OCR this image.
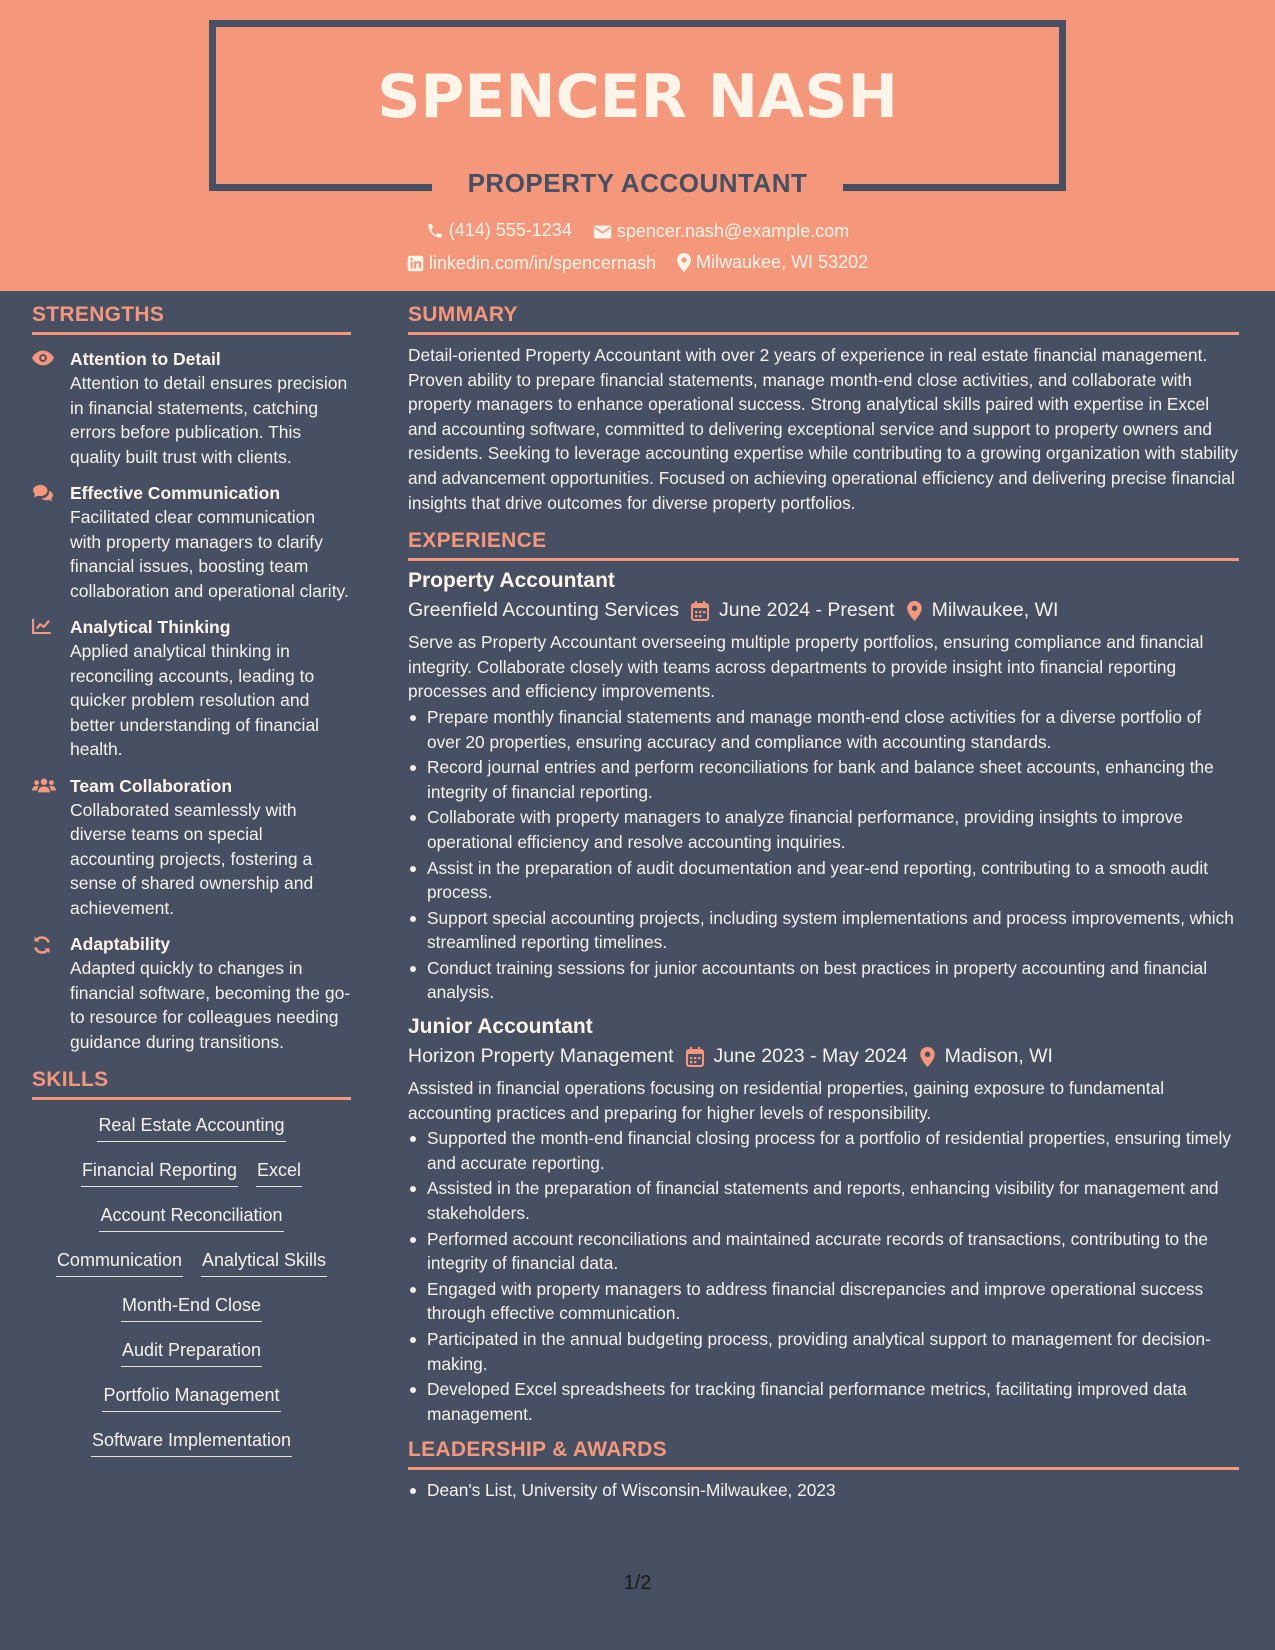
SPENCER NASH
PROPERTY ACCOUNTANT
(414) 555-1234
	spencer.nash@example.com
linkedin.com/in/spencernash
Milwaukee, WI 53202
STRENGTHS
Attention to Detail
Attention to detail ensures precision in financial statements, catching errors before publication. This quality built trust with clients.
Effective Communication
Facilitated clear communication with property managers to clarify financial issues, boosting team collaboration and operational clarity.
Analytical Thinking
Applied analytical thinking in reconciling accounts, leading to quicker problem resolution and better understanding of financial health.
Team Collaboration
Collaborated seamlessly with diverse teams on special accounting projects, fostering a sense of shared ownership and achievement.
Adaptability
Adapted quickly to changes in financial software, becoming the go-to resource for colleagues needing guidance during transitions.
SKILLS
Real Estate Accounting
Financial Reporting Excel
Account Reconciliation
Communication Analytical Skills
Month-End Close
Audit Preparation
Portfolio Management
Software Implementation
SUMMARY
Detail-oriented Property Accountant with over 2 years of experience in real estate financial management. Proven ability to prepare financial statements, manage month-end close activities, and collaborate with property managers to enhance operational success. Strong analytical skills paired with expertise in Excel and accounting software, committed to delivering exceptional service and support to property owners and residents. Seeking to leverage accounting expertise while contributing to a growing organization with stability and advancement opportunities. Focused on achieving operational efficiency and delivering precise financial insights that drive outcomes for diverse property portfolios.
EXPERIENCE
Property Accountant
Greenfield Accounting Services June 2024 - Present Milwaukee, WI
Serve as Property Accountant overseeing multiple property portfolios, ensuring compliance and financial integrity. Collaborate closely with teams across departments to provide insight into financial reporting processes and efficiency improvements.
Prepare monthly financial statements and manage month-end close activities for a diverse portfolio of over 20 properties, ensuring accuracy and compliance with accounting standards.
Record journal entries and perform reconciliations for bank and balance sheet accounts, enhancing the integrity of financial reporting.
Collaborate with property managers to analyze financial performance, providing insights to improve operational efficiency and resolve accounting inquiries.
Assist in the preparation of audit documentation and year-end reporting, contributing to a smooth audit process.
Support special accounting projects, including system implementations and process improvements, which streamlined reporting timelines.
Conduct training sessions for junior accountants on best practices in property accounting and financial analysis.
Junior Accountant
Horizon Property Management June 2023 - May 2024 Madison, WI
Assisted in financial operations focusing on residential properties, gaining exposure to fundamental accounting practices and preparing for higher levels of responsibility.
Supported the month-end financial closing process for a portfolio of residential properties, ensuring timely and accurate reporting.
Assisted in the preparation of financial statements and reports, enhancing visibility for management and stakeholders.
Performed account reconciliations and maintained accurate records of transactions, contributing to the integrity of financial data.
Engaged with property managers to address financial discrepancies and improve operational success through effective communication.
Participated in the annual budgeting process, providing analytical support to management for decision-making.
Developed Excel spreadsheets for tracking financial performance metrics, facilitating improved data management.
LEADERSHIP & AWARDS
Dean's List, University of Wisconsin-Milwaukee, 2023
1/2
